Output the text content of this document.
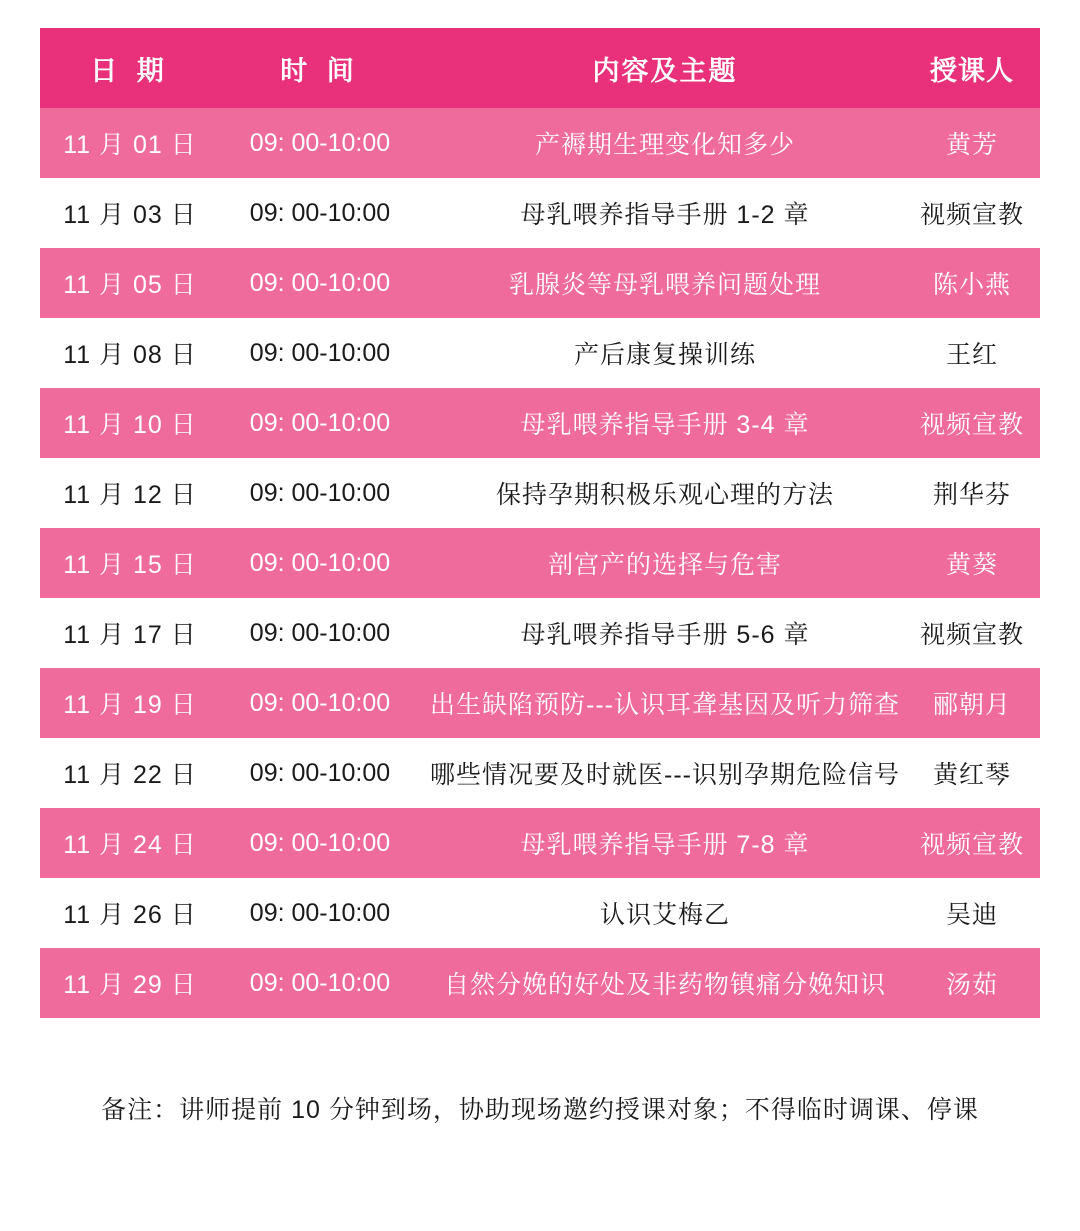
日 期	时 间	内容及主题	授课人
11 月 01 日	09: 00-10:00	产褥期生理变化知多少	黄芳
11 月 03 日	09: 00-10:00	母乳喂养指导手册 1-2 章	视频宣教
11 月 05 日	09: 00-10:00	乳腺炎等母乳喂养问题处理	陈小燕
11 月 08 日	09: 00-10:00	产后康复操训练	王红
11 月 10 日	09: 00-10:00	母乳喂养指导手册 3-4 章	视频宣教
11 月 12 日	09: 00-10:00	保持孕期积极乐观心理的方法	荆华芬
11 月 15 日	09: 00-10:00	剖宫产的选择与危害	黄葵
11 月 17 日	09: 00-10:00	母乳喂养指导手册 5-6 章	视频宣教
11 月 19 日	09: 00-10:00	出生缺陷预防---认识耳聋基因及听力筛查	郦朝月
11 月 22 日	09: 00-10:00	哪些情况要及时就医---识别孕期危险信号	黄红琴
11 月 24 日	09: 00-10:00	母乳喂养指导手册 7-8 章	视频宣教
11 月 26 日	09: 00-10:00	认识艾梅乙	吴迪
11 月 29 日	09: 00-10:00	自然分娩的好处及非药物镇痛分娩知识	汤茹
备注：讲师提前 10 分钟到场，协助现场邀约授课对象；不得临时调课、停课
